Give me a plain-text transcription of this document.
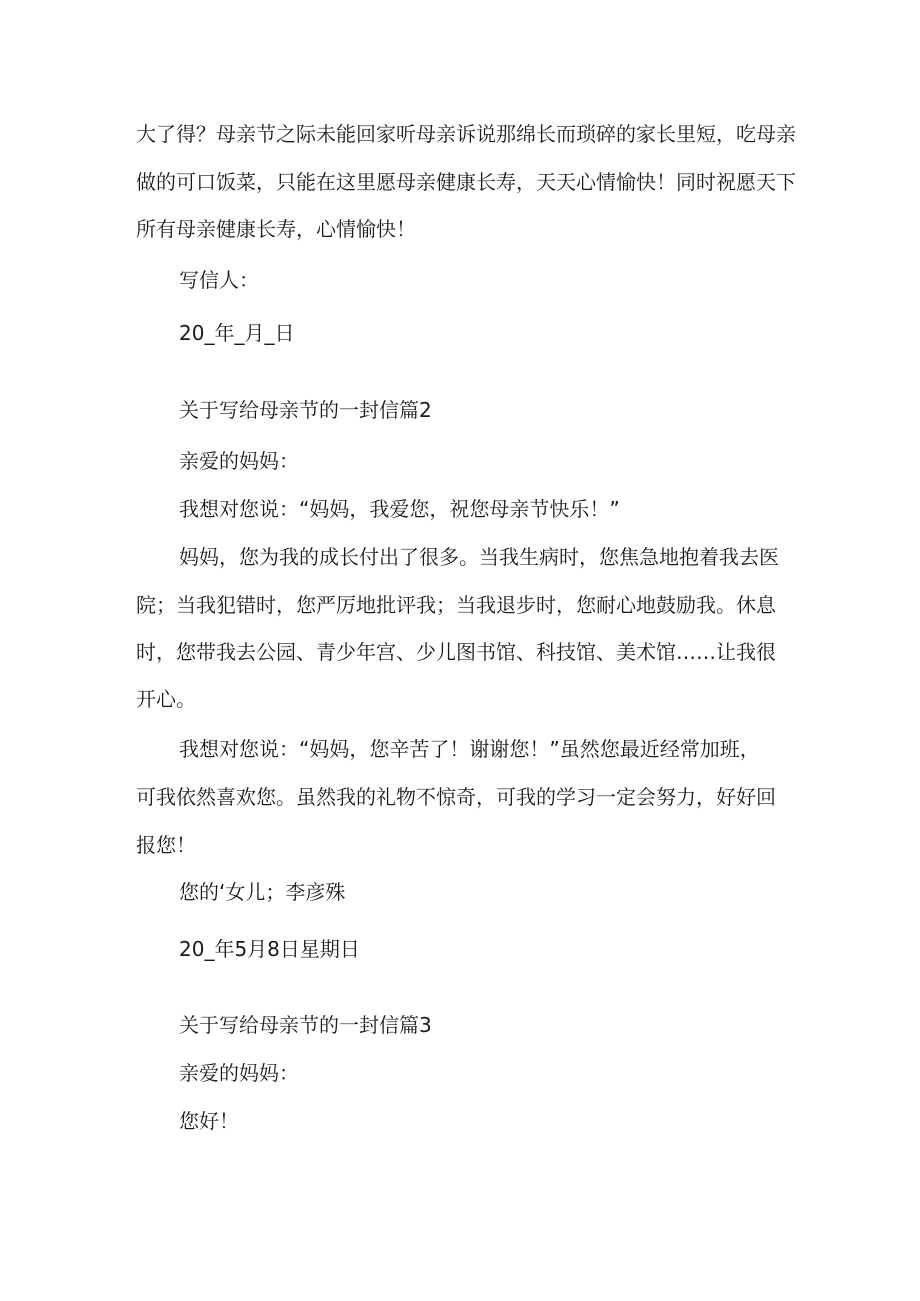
大了得？母亲节之际未能回家听母亲诉说那绵长而琐碎的家长里短，吃母亲
做的可口饭菜，只能在这里愿母亲健康长寿，天天心情愉快！同时祝愿天下
所有母亲健康长寿，心情愉快！
写信人：
20_年_月_日
关于写给母亲节的一封信篇2
亲爱的妈妈：
我想对您说：“妈妈，我爱您，祝您母亲节快乐！”
妈妈，您为我的成长付出了很多。当我生病时，您焦急地抱着我去医
院；当我犯错时，您严厉地批评我；当我退步时，您耐心地鼓励我。休息
时，您带我去公园、青少年宫、少儿图书馆、科技馆、美术馆……让我很
开心。
我想对您说：“妈妈，您辛苦了！谢谢您！”虽然您最近经常加班，
可我依然喜欢您。虽然我的礼物不惊奇，可我的学习一定会努力，好好回
报您！
您的‘女儿；李彦殊
20_年5月8日星期日
关于写给母亲节的一封信篇3
亲爱的妈妈：
您好！
